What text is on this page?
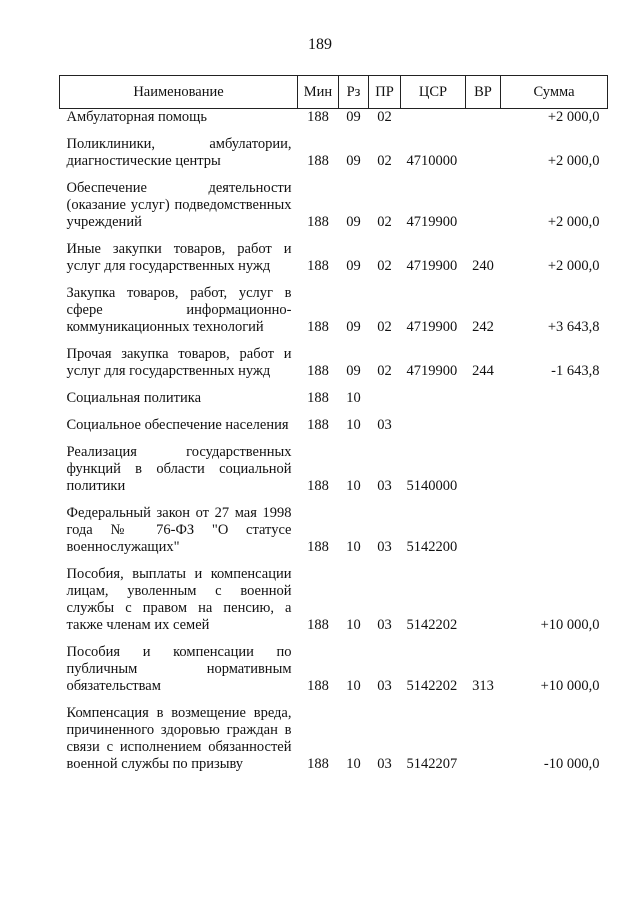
189
Наименование	Мин	Рз	ПР	ЦСР	ВР	Сумма
Амбулаторная помощь	188	09	02			+2 000,0
Поликлиники, амбулатории, диагностические центры	188	09	02	4710000		+2 000,0
Обеспечение деятельности (оказание услуг) подведомственных учреждений	188	09	02	4719900		+2 000,0
Иные закупки товаров, работ и услуг для государственных нужд	188	09	02	4719900	240	+2 000,0
Закупка товаров, работ, услуг в сфере информационно-коммуникационных технологий	188	09	02	4719900	242	+3 643,8
Прочая закупка товаров, работ и услуг для государственных нужд	188	09	02	4719900	244	-1 643,8
Социальная политика	188	10				
Социальное обеспечение населения	188	10	03			
Реализация государственных функций в области социальной политики	188	10	03	5140000		
Федеральный закон от 27 мая 1998 года № 76-ФЗ "О статусе военнослужащих"	188	10	03	5142200		
Пособия, выплаты и компенсации лицам, уволенным с военной службы с правом на пенсию, а также членам их семей	188	10	03	5142202		+10 000,0
Пособия и компенсации по публичным нормативным обязательствам	188	10	03	5142202	313	+10 000,0
Компенсация в возмещение вреда, причиненного здоровью граждан в связи с исполнением обязанностей военной службы по призыву	188	10	03	5142207		-10 000,0
